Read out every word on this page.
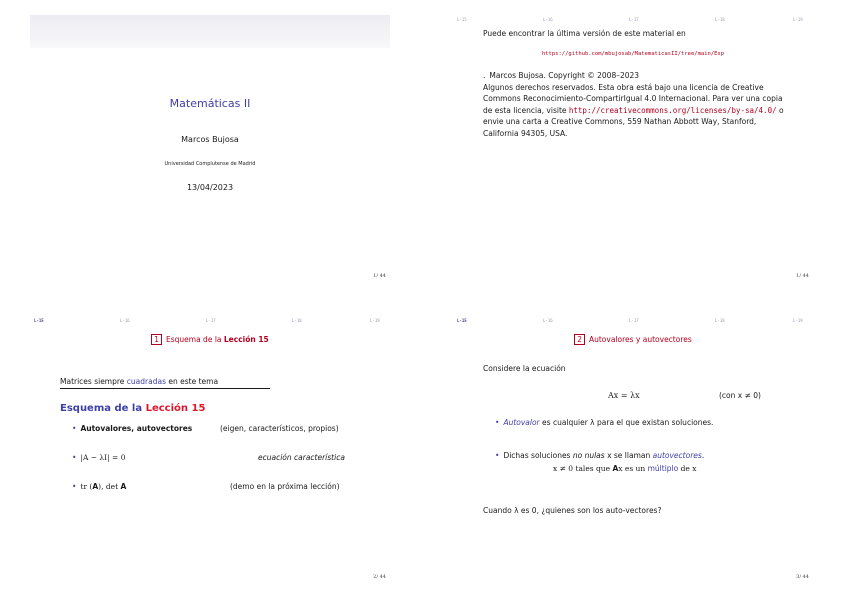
Matemáticas II
Marcos Bujosa
Universidad Complutense de Madrid
13/04/2023
1/ 44
L-15	L-16	L-17	L-18	L-19
Puede encontrar la última versión de este material en
https://github.com/mbujosab/MatematicasII/tree/main/Esp
. Marcos Bujosa. Copyright © 2008–2023
Algunos derechos reservados. Esta obra está bajo una licencia de Creative Commons Reconocimiento-CompartirIgual 4.0 Internacional. Para ver una copia de esta licencia, visite http://creativecommons.org/licenses/by-sa/4.0/ o envie una carta a Creative Commons, 559 Nathan Abbott Way, Stanford, California 94305, USA.
1/ 44
L-15	L-16	L-17	L-18	L-19
1 Esquema de la Lección 15
Matrices siempre cuadradas en este tema
Esquema de la Lección 15
• Autovalores, autovectores	(eigen, característicos, propios)
• |A − λI| = 0	ecuación característica
• tr (A), det A	(demo en la próxima lección)
2/ 44
L-15	L-16	L-17	L-18	L-19
2 Autovalores y autovectores
Considere la ecuación
Ax = λx	(con x ≠ 0)
• Autovalor es cualquier λ para el que existan soluciones.
• Dichas soluciones no nulas x se llaman autovectores.
x ≠ 0 tales que Ax es un múltiplo de x
Cuando λ es 0, ¿quienes son los auto-vectores?
3/ 44
